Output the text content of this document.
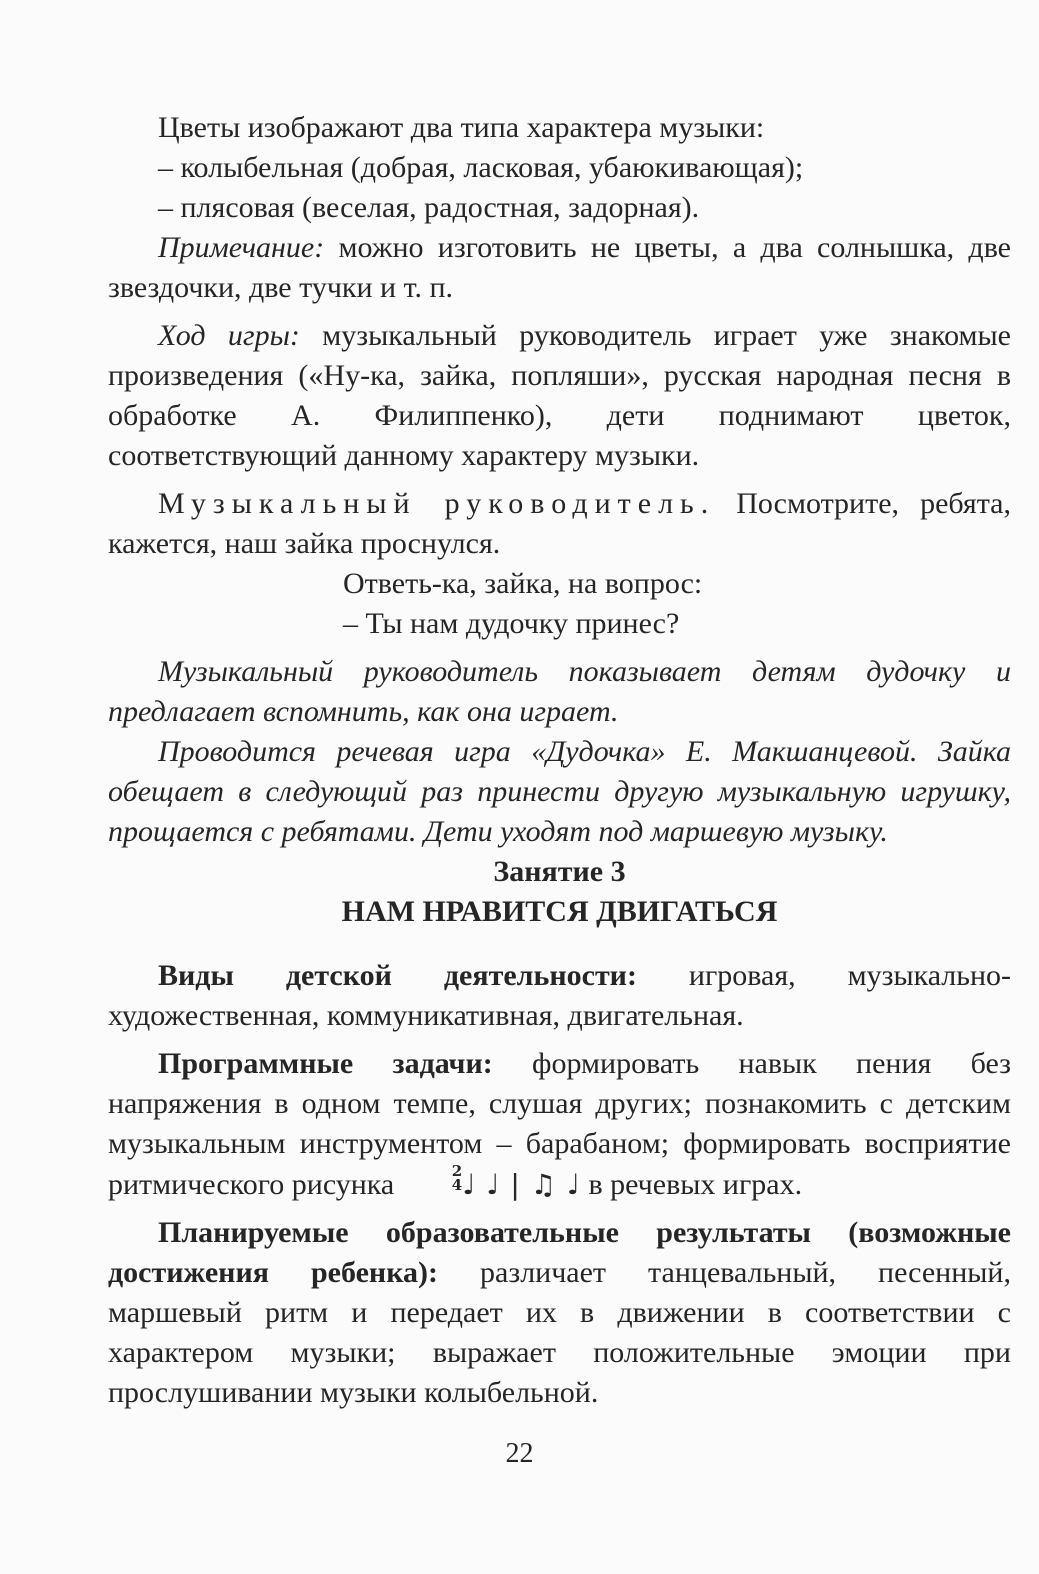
Цветы изображают два типа характера музыки:

– колыбельная (добрая, ласковая, убаюкивающая);

– плясовая (веселая, радостная, задорная).

Примечание: можно изготовить не цветы, а два солнышка, две звездочки, две тучки и т. п.

Ход игры: музыкальный руководитель играет уже знакомые произведения («Ну-ка, зайка, попляши», русская народная песня в обработке А. Филиппенко), дети поднимают цветок, соответствующий данному характеру музыки.

Музыкальный руководитель. Посмотрите, ребята, кажется, наш зайка проснулся.

Ответь-ка, зайка, на вопрос:

– Ты нам дудочку принес?

Музыкальный руководитель показывает детям дудочку и предлагает вспомнить, как она играет.

Проводится речевая игра «Дудочка» Е. Макшанцевой. Зайка обещает в следующий раз принести другую музыкальную игрушку, прощается с ребятами. Дети уходят под маршевую музыку.

Занятие 3

НАМ НРАВИТСЯ ДВИГАТЬСЯ

Виды детской деятельности: игровая, музыкально-художественная, коммуникативная, двигательная.

Программные задачи: формировать навык пения без напряжения в одном темпе, слушая других; познакомить с детским музыкальным инструментом – барабаном; формировать восприятие ритмического рисунка	2
4 ♩ ♩ | ♫ ♩ в речевых играх.

Планируемые образовательные результаты (возможные достижения ребенка): различает танцевальный, песенный, маршевый ритм и передает их в движении в соответствии с характером музыки; выражает положительные эмоции при прослушивании музыки колыбельной.

22
